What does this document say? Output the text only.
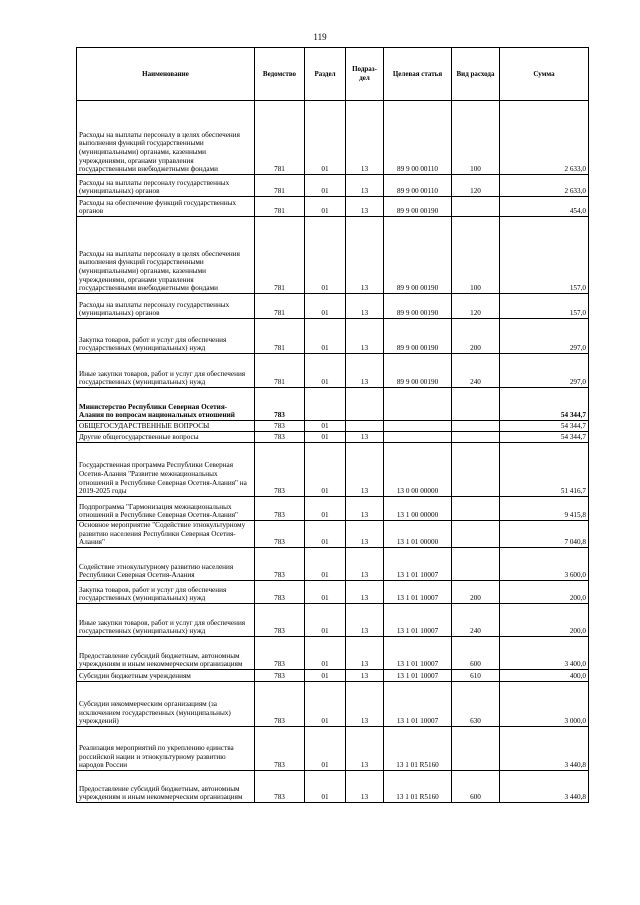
119
Наименование	Ведомство	Раздел	Подраз-дел	Целевая статья	Вид расхода	Сумма
Расходы на выплаты персоналу в целях обеспечения выполнения функций государственными (муниципальными) органами, казенными учреждениями, органами управления государственными внебюджетными фондами	781	01	13	89 9 00 00110	100	2 633,0
Расходы на выплаты персоналу государственных (муниципальных) органов	781	01	13	89 9 00 00110	120	2 633,0
Расходы на обеспечение функций государственных органов	781	01	13	89 9 00 00190		454,0
Расходы на выплаты персоналу в целях обеспечения выполнения функций государственными (муниципальными) органами, казенными учреждениями, органами управления государственными внебюджетными фондами	781	01	13	89 9 00 00190	100	157,0
Расходы на выплаты персоналу государственных (муниципальных) органов	781	01	13	89 9 00 00190	120	157,0
Закупка товаров, работ и услуг для обеспечения государственных (муниципальных) нужд	781	01	13	89 9 00 00190	200	297,0
Иные закупки товаров, работ и услуг для обеспечения государственных (муниципальных) нужд	781	01	13	89 9 00 00190	240	297,0
Министерство Республики Северная Осетия-Алания по вопросам национальных отношений	783					54 344,7
ОБЩЕГОСУДАРСТВЕННЫЕ ВОПРОСЫ	783	01				54 344,7
Другие общегосударственные вопросы	783	01	13			54 344,7
Государственная программа Республики Северная Осетия-Алания "Развитие межнациональных отношений в Республике Северная Осетия-Алания" на 2019-2025 годы	783	01	13	13 0 00 00000		51 416,7
Подпрограмма "Гармонизация межнациональных отношений в Республике Северная Осетия-Алания"	783	01	13	13 1 00 00000		9 415,8
Основное мероприятие "Содействие этнокультурному развитию населения Республики Северная Осетия-Алания"	783	01	13	13 1 01 00000		7 040,8
Содействие этнокультурному развитию населения Республики Северная Осетия-Алания	783	01	13	13 1 01 10007		3 600,0
Закупка товаров, работ и услуг для обеспечения государственных (муниципальных) нужд	783	01	13	13 1 01 10007	200	200,0
Иные закупки товаров, работ и услуг для обеспечения государственных (муниципальных) нужд	783	01	13	13 1 01 10007	240	200,0
Предоставление субсидий бюджетным, автономным учреждениям и иным некоммерческим организациям	783	01	13	13 1 01 10007	600	3 400,0
Субсидии бюджетным учреждениям	783	01	13	13 1 01 10007	610	400,0
Субсидии некоммерческим организациям (за исключением государственных (муниципальных) учреждений)	783	01	13	13 1 01 10007	630	3 000,0
Реализация мероприятий по укреплению единства российской нации и этнокультурному развитию народов России	783	01	13	13 1 01 R5160		3 440,8
Предоставление субсидий бюджетным, автономным учреждениям и иным некоммерческим организациям	783	01	13	13 1 01 R5160	600	3 440,8
